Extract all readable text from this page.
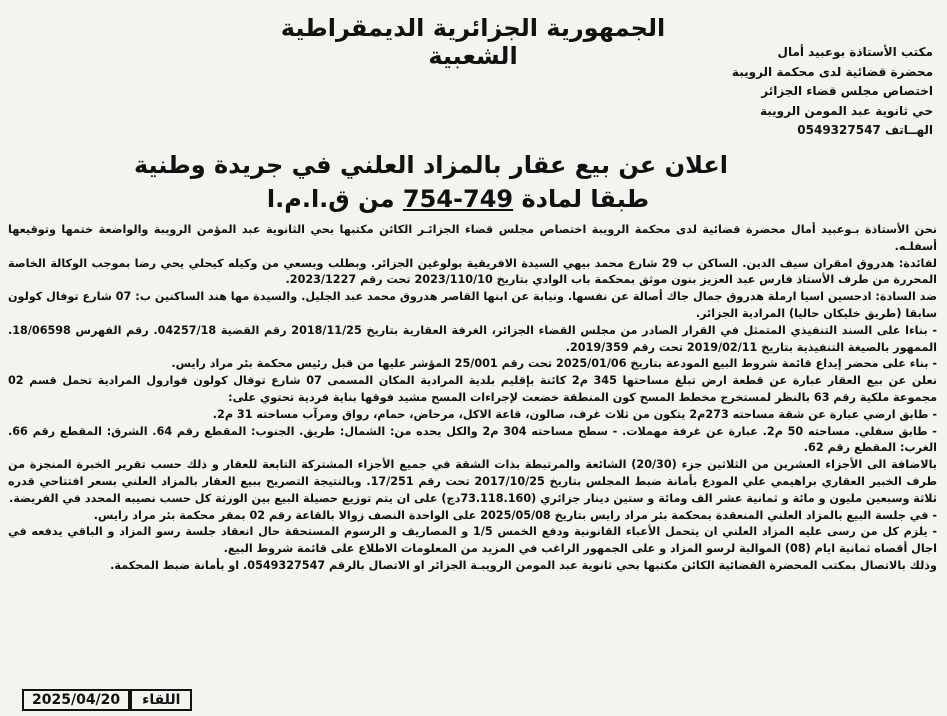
الجمهورية الجزائرية الديمقراطية الشعبية	مكتب الأستاذة بوعبيد أمال
محضرة قضائية لدى محكمة الرويبة
اختصاص مجلس قضاء الجزائر
حي ثانوية عبد المومن الرويبة
الهــاتف 0549327547
اعلان عن بيع عقار بالمزاد العلني في جريدة وطنية
طبقا لمادة 749-754 من ق.ا.م.ا

نحن الأستاذة بـوعبيد أمال محضرة قضائية لدى محكمة الرويبة اختصاص مجلس قضاء الجزائـر الكائن مكتبها بحي الثانوية عبد المؤمن الرويبة والواضعة ختمها وتوقيعها أسفلـه.

لفائدة: هدروق امقران سيف الدين. الساكن ب 29 شارع محمد بيهي السيدة الافريقية بولوغين الجزائر. وبطلب وبسعي من وكيله كيحلي يحي رضا بموجب الوكالة الخاصة المحررة من طرف الأستاذ فارس عبد العزيز بنون موثق بمحكمة باب الوادي بتاريخ 2023/110/10 تحت رقم 2023/1227.

ضد السادة: ادحسين اسيا ارملة هدروق جمال جاك أصالة عن نفسها. ونيابة عن ابنها القاصر هدروق محمد عبد الجليل. والسيدة مها هند الساكنين ب: 07 شارع توفال كولون سابقا (طريق خليكان حاليا) المرادية الجزائر.

- بناءا على السند التنفيذي المتمثل في القرار الصادر من مجلس القضاء الجزائر، الغرفة العقارية بتاريخ 2018/11/25 رقم القضية 04257/18. رقم الفهرس 18/06598. الممهور بالصيغة التنفيذية بتاريخ 2019/02/11 تحت رقم 2019/359.

- بناء على محضر إيداع قائمة شروط البيع المودعة بتاريخ 2025/01/06 تحت رقم 25/001 المؤشر عليها من قبل رئيس محكمة بئر مراد رايس.

نعلن عن بيع العقار عبارة عن قطعة ارض تبلغ مساحتها 345 م2 كائنة بإقليم بلدية المرادية المكان المسمى 07 شارع توفال كولون فوارول المرادية تحمل قسم 02 مجموعة ملكية رقم 63 بالنظر لمستخرج مخطط المسح كون المنطقة خضعت لإجراءات المسح مشيد فوقها بناية فردية تحتوي على:

- طابق ارضي عبارة عن شقة مساحته 273م2 يتكون من ثلاث غرف، صالون، قاعة الاكل، مرحاض، حمام، رواق ومرآب مساحته 31 م2.

- طابق سفلي. مساحته 50 م2. عبارة عن غرفة مهملات. - سطح مساحته 304 م2 والكل يحده من: الشمال: طريق. الجنوب: المقطع رقم 64. الشرق: المقطع رقم 66. الغرب: المقطع رقم 62.

بالاضافة الى الأجزاء العشرين من الثلاثين جزء (20/30) الشائعة والمرتبطة بذات الشقة في جميع الأجزاء المشتركة التابعة للعقار و ذلك حسب تقرير الخبرة المنجزة من طرف الخبير العقاري براهيمي علي المودع بأمانة ضبط المجلس بتاريخ 2017/10/25 تحت رقم 17/251. وبالنتيجة التصريح ببيع العقار بالمزاد العلني بسعر افتتاحي قدره ثلاثة وسبعين مليون و مائة و ثمانية عشر الف ومائة و ستين دينار جزائري (73.118.160دج) على ان يتم توزيع حصيلة البيع بين الورثة كل حسب نصيبه المحدد في الفريضة.

- في جلسة البيع بالمزاد العلني المنعقدة بمحكمة بئر مراد رايس بتاريخ 2025/05/08 على الواحدة النصف زوالا بالقاعة رقم 02 بمقر محكمة بئر مراد رايس.

- يلزم كل من رسى عليه المزاد العلني ان يتحمل الأعباء القانونية ودفع الخمس 1/5 و المصاريف و الرسوم المستحقة حال انعقاد جلسة رسو المزاد و الباقي يدفعه في اجال أقصاه ثمانية ايام (08) الموالية لرسو المزاد و على الجمهور الراغب في المزيد من المعلومات الاطلاع على قائمة شروط البيع.

وذلك بالاتصال بمكتب المحضرة القضائية الكائن مكتبها بحي ثانوية عبد المومن الرويبـة الجزائر او الاتصال بالرقم 0549327547. او بأمانة ضبط المحكمة.

2025/04/20	اللقاء
